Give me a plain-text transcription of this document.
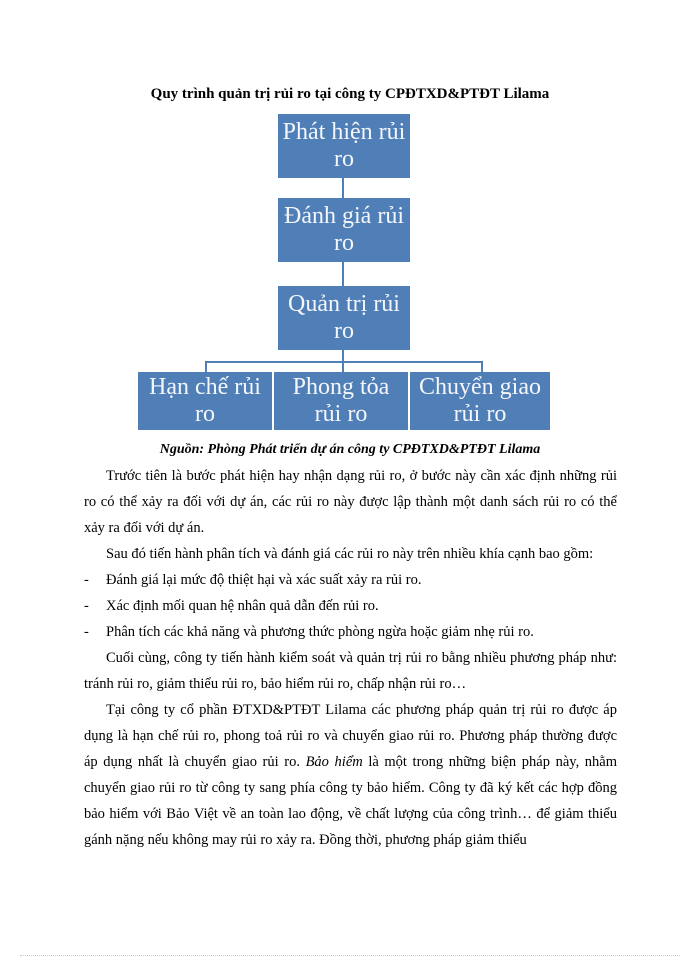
Quy trình quản trị rủi ro tại công ty CPĐTXD&PTĐT Lilama
Phát hiện rủi ro
Đánh giá rủi ro
Quản trị rủi ro
Hạn chế rủi ro
Phong tỏa rủi ro
Chuyển giao rủi ro
Nguồn: Phòng Phát triển dự án công ty CPĐTXD&PTĐT Lilama

Trước tiên là bước phát hiện hay nhận dạng rủi ro, ở bước này cần xác định những rủi ro có thể xảy ra đối với dự án, các rủi ro này được lập thành một danh sách rủi ro có thể xảy ra đối với dự án.

Sau đó tiến hành phân tích và đánh giá các rủi ro này trên nhiều khía cạnh bao gồm:

-	Đánh giá lại mức độ thiệt hại và xác suất xảy ra rủi ro.
-	Xác định mối quan hệ nhân quả dẫn đến rủi ro.
-	Phân tích các khả năng và phương thức phòng ngừa hoặc giảm nhẹ rủi ro.

Cuối cùng, công ty tiến hành kiểm soát và quản trị rủi ro bằng nhiều phương pháp như: tránh rủi ro, giảm thiểu rủi ro, bảo hiểm rủi ro, chấp nhận rủi ro…

Tại công ty cổ phần ĐTXD&PTĐT Lilama các phương pháp quản trị rủi ro được áp dụng là hạn chế rủi ro, phong toả rủi ro và chuyển giao rủi ro. Phương pháp thường được áp dụng nhất là chuyển giao rủi ro. Bảo hiểm là một trong những biện pháp này, nhằm chuyển giao rủi ro từ công ty sang phía công ty bảo hiểm. Công ty đã ký kết các hợp đồng bảo hiểm với Bảo Việt về an toàn lao động, về chất lượng của công trình… để giảm thiểu gánh nặng nếu không may rủi ro xảy ra. Đồng thời, phương pháp giảm thiểu
